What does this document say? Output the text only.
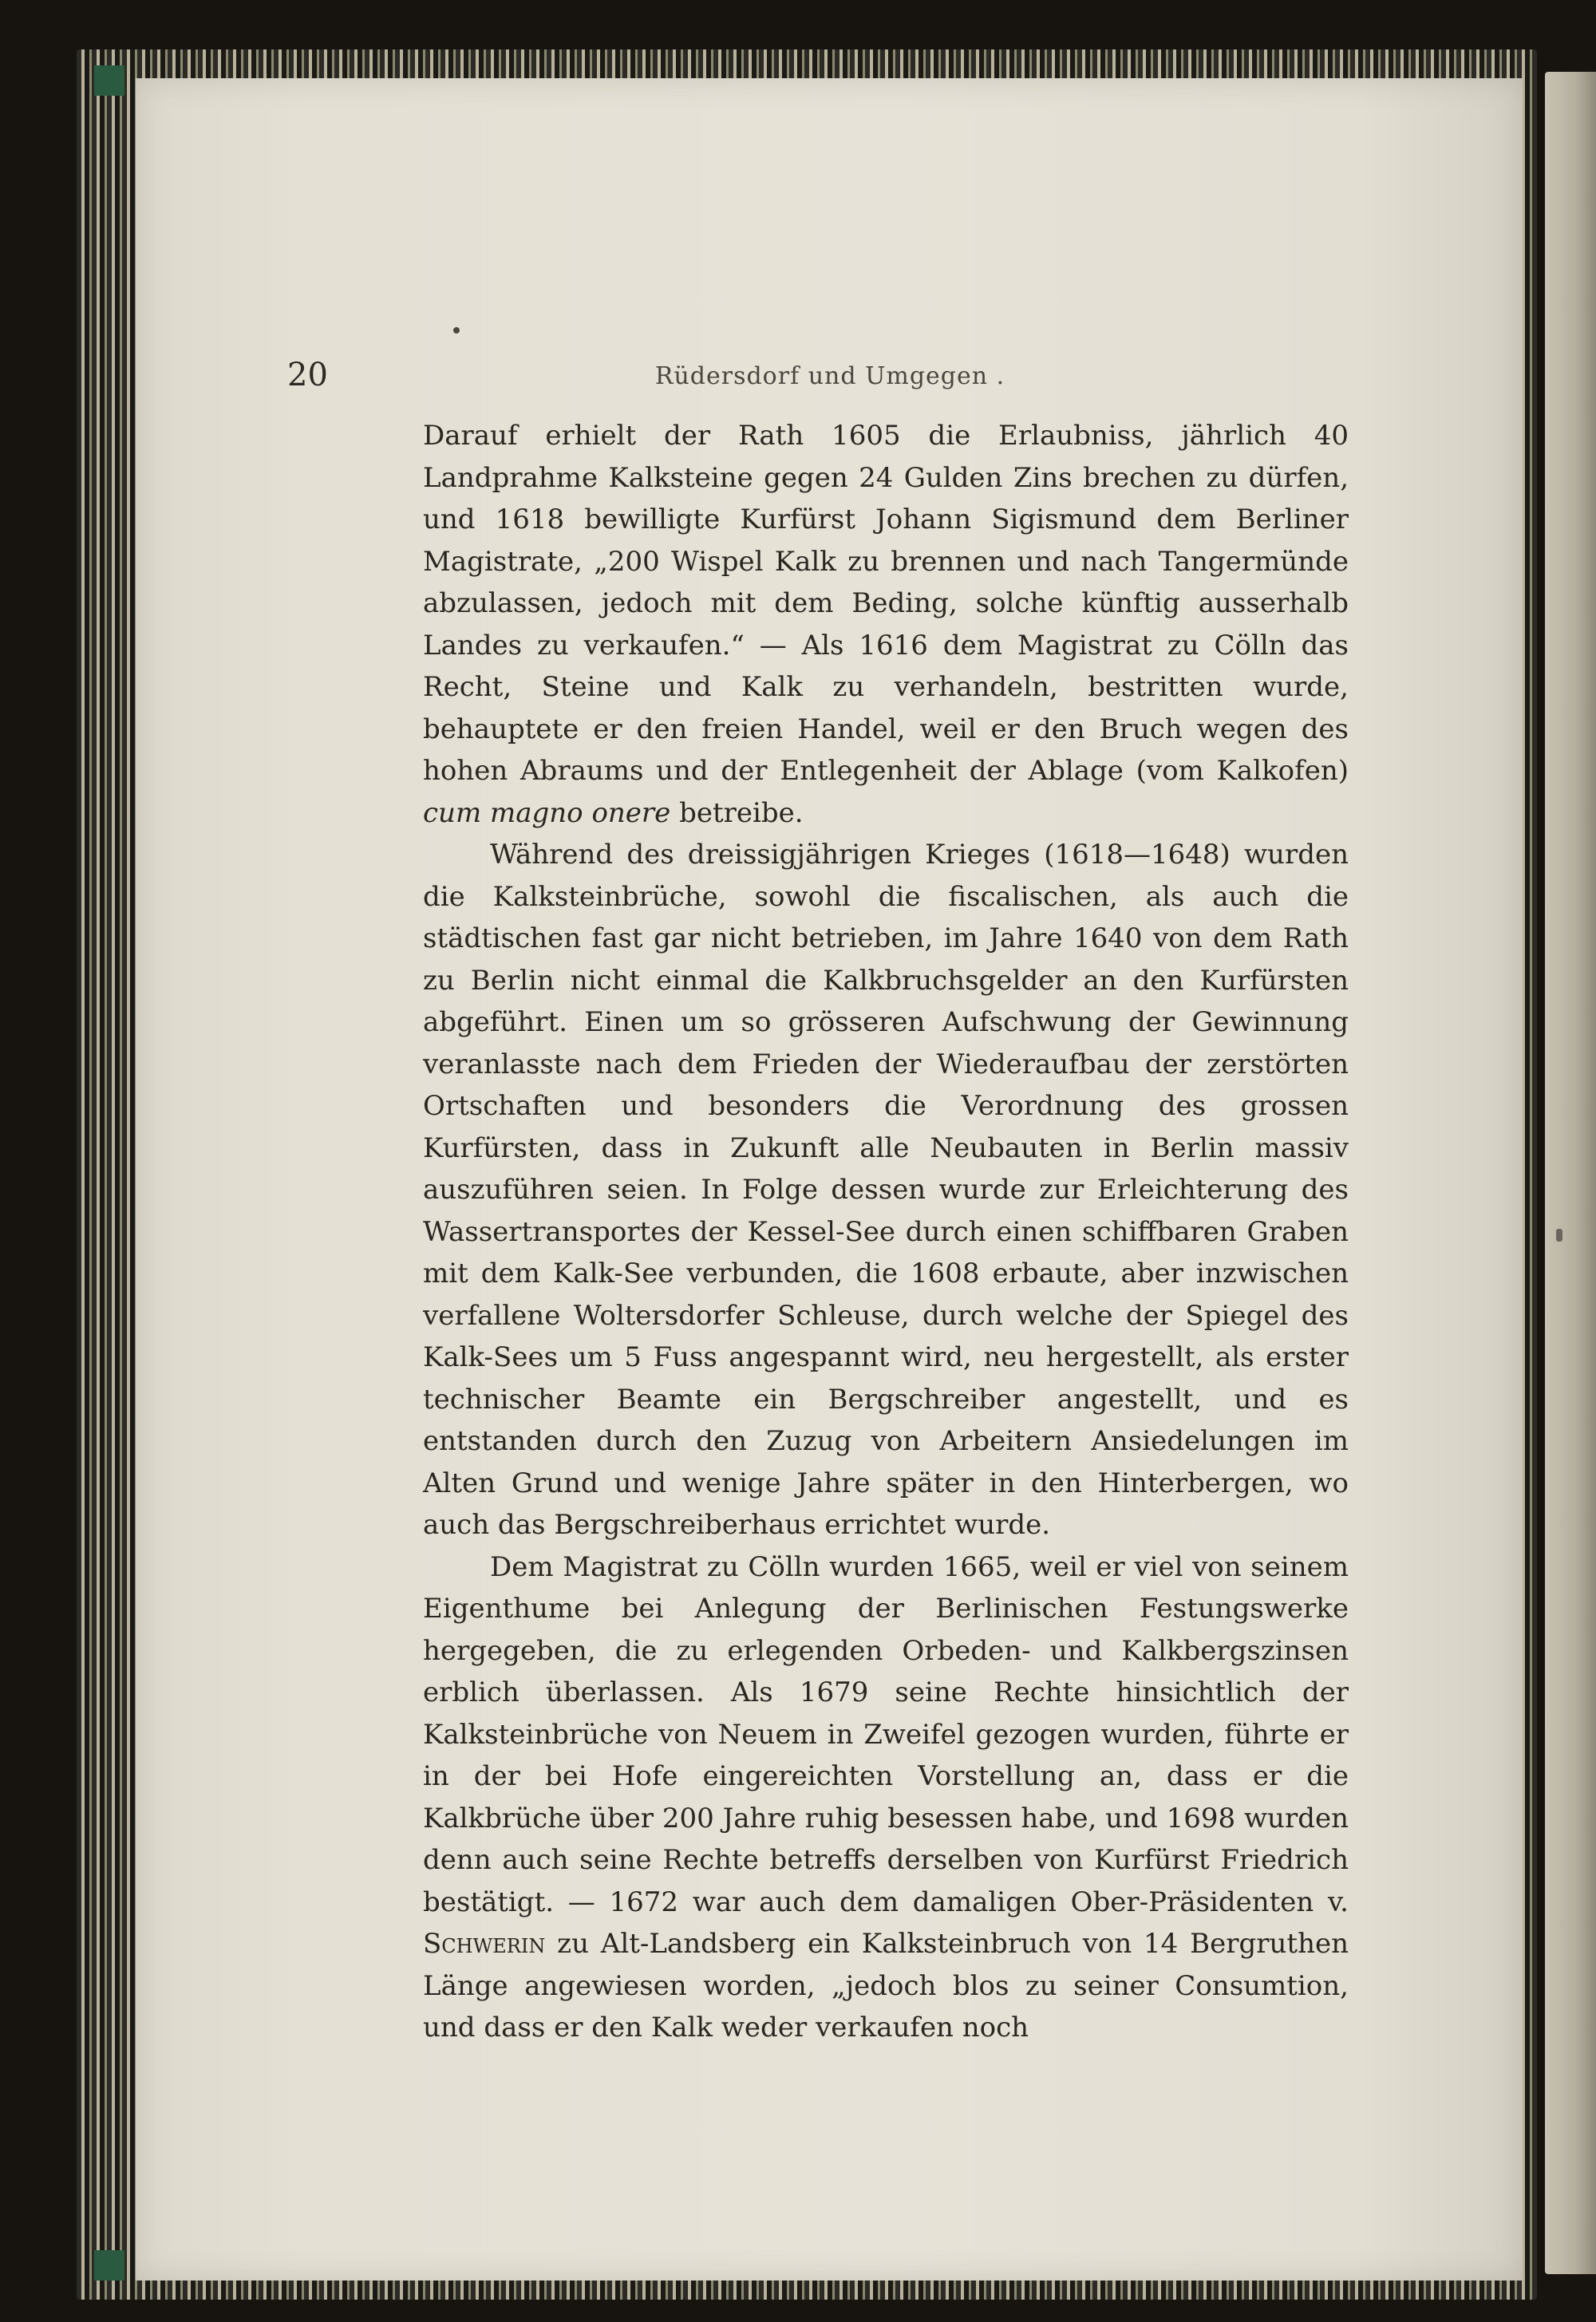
20	Rüdersdorf und Umgegen .

Darauf erhielt der Rath 1605 die Erlaubniss, jährlich 40 Landprahme Kalksteine gegen 24 Gulden Zins brechen zu dürfen, und 1618 bewilligte Kurfürst Johann Sigismund dem Berliner Magistrate, „200 Wispel Kalk zu brennen und nach Tangermünde abzulassen, jedoch mit dem Beding, solche künftig ausserhalb Landes zu verkaufen.“ — Als 1616 dem Magistrat zu Cölln das Recht, Steine und Kalk zu verhandeln, bestritten wurde, behauptete er den freien Handel, weil er den Bruch wegen des hohen Abraums und der Entlegenheit der Ablage (vom Kalkofen) cum magno onere betreibe.

Während des dreissigjährigen Krieges (1618—1648) wurden die Kalksteinbrüche, sowohl die fiscalischen, als auch die städtischen fast gar nicht betrieben, im Jahre 1640 von dem Rath zu Berlin nicht einmal die Kalkbruchsgelder an den Kurfürsten abgeführt. Einen um so grösseren Aufschwung der Gewinnung veranlasste nach dem Frieden der Wiederaufbau der zerstörten Ortschaften und besonders die Verordnung des grossen Kurfürsten, dass in Zukunft alle Neubauten in Berlin massiv auszuführen seien. In Folge dessen wurde zur Erleichterung des Wassertransportes der Kessel-See durch einen schiffbaren Graben mit dem Kalk-See verbunden, die 1608 erbaute, aber inzwischen verfallene Woltersdorfer Schleuse, durch welche der Spiegel des Kalk-Sees um 5 Fuss angespannt wird, neu hergestellt, als erster technischer Beamte ein Bergschreiber angestellt, und es entstanden durch den Zuzug von Arbeitern Ansiedelungen im Alten Grund und wenige Jahre später in den Hinterbergen, wo auch das Bergschreiberhaus errichtet wurde.

Dem Magistrat zu Cölln wurden 1665, weil er viel von seinem Eigenthume bei Anlegung der Berlinischen Festungswerke hergegeben, die zu erlegenden Orbeden- und Kalkbergszinsen erblich überlassen. Als 1679 seine Rechte hinsichtlich der Kalksteinbrüche von Neuem in Zweifel gezogen wurden, führte er in der bei Hofe eingereichten Vorstellung an, dass er die Kalkbrüche über 200 Jahre ruhig besessen habe, und 1698 wurden denn auch seine Rechte betreffs derselben von Kurfürst Friedrich bestätigt. — 1672 war auch dem damaligen Ober-Präsidenten v. Schwerin zu Alt-Landsberg ein Kalksteinbruch von 14 Bergruthen Länge angewiesen worden, „jedoch blos zu seiner Consumtion, und dass er den Kalk weder verkaufen noch
